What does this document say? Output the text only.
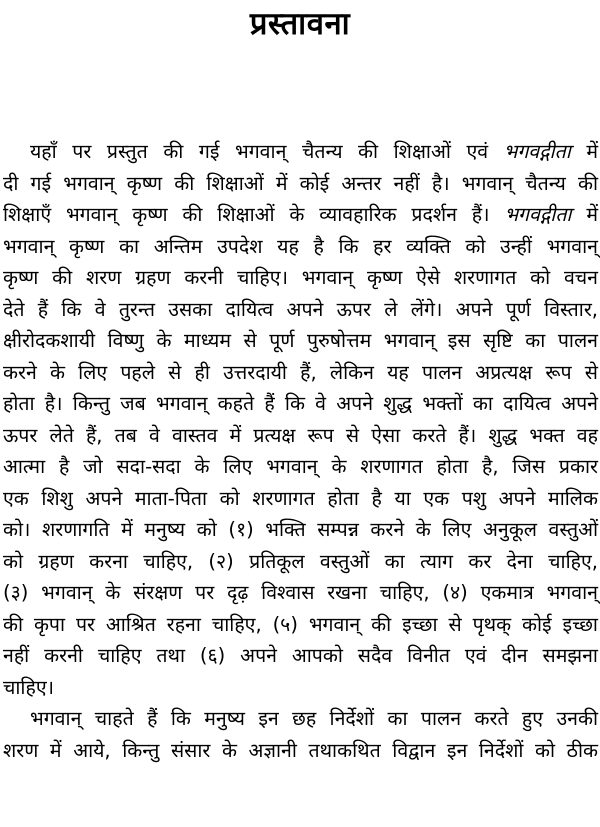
प्रस्तावना
यहाँ पर प्रस्तुत की गई भगवान् चैतन्य की शिक्षाओं एवं भगवद्गीता में
दी गई भगवान् कृष्ण की शिक्षाओं में कोई अन्तर नहीं है। भगवान् चैतन्य की
शिक्षाएँ भगवान् कृष्ण की शिक्षाओं के व्यावहारिक प्रदर्शन हैं। भगवद्गीता में
भगवान् कृष्ण का अन्तिम उपदेश यह है कि हर व्यक्ति को उन्हीं भगवान्
कृष्ण की शरण ग्रहण करनी चाहिए। भगवान् कृष्ण ऐसे शरणागत को वचन
देते हैं कि वे तुरन्त उसका दायित्व अपने ऊपर ले लेंगे। अपने पूर्ण विस्तार,
क्षीरोदकशायी विष्णु के माध्यम से पूर्ण पुरुषोत्तम भगवान् इस सृष्टि का पालन
करने के लिए पहले से ही उत्तरदायी हैं, लेकिन यह पालन अप्रत्यक्ष रूप से
होता है। किन्तु जब भगवान् कहते हैं कि वे अपने शुद्ध भक्तों का दायित्व अपने
ऊपर लेते हैं, तब वे वास्तव में प्रत्यक्ष रूप से ऐसा करते हैं। शुद्ध भक्त वह
आत्मा है जो सदा-सदा के लिए भगवान् के शरणागत होता है, जिस प्रकार
एक शिशु अपने माता-पिता को शरणागत होता है या एक पशु अपने मालिक
को। शरणागति में मनुष्य को (१) भक्ति सम्पन्न करने के लिए अनुकूल वस्तुओं
को ग्रहण करना चाहिए, (२) प्रतिकूल वस्तुओं का त्याग कर देना चाहिए,
(३) भगवान् के संरक्षण पर दृढ़ विश्वास रखना चाहिए, (४) एकमात्र भगवान्
की कृपा पर आश्रित रहना चाहिए, (५) भगवान् की इच्छा से पृथक् कोई इच्छा
नहीं करनी चाहिए तथा (६) अपने आपको सदैव विनीत एवं दीन समझना
चाहिए।
भगवान् चाहते हैं कि मनुष्य इन छह निर्देशों का पालन करते हुए उनकी
शरण में आये, किन्तु संसार के अज्ञानी तथाकथित विद्वान इन निर्देशों को ठीक
